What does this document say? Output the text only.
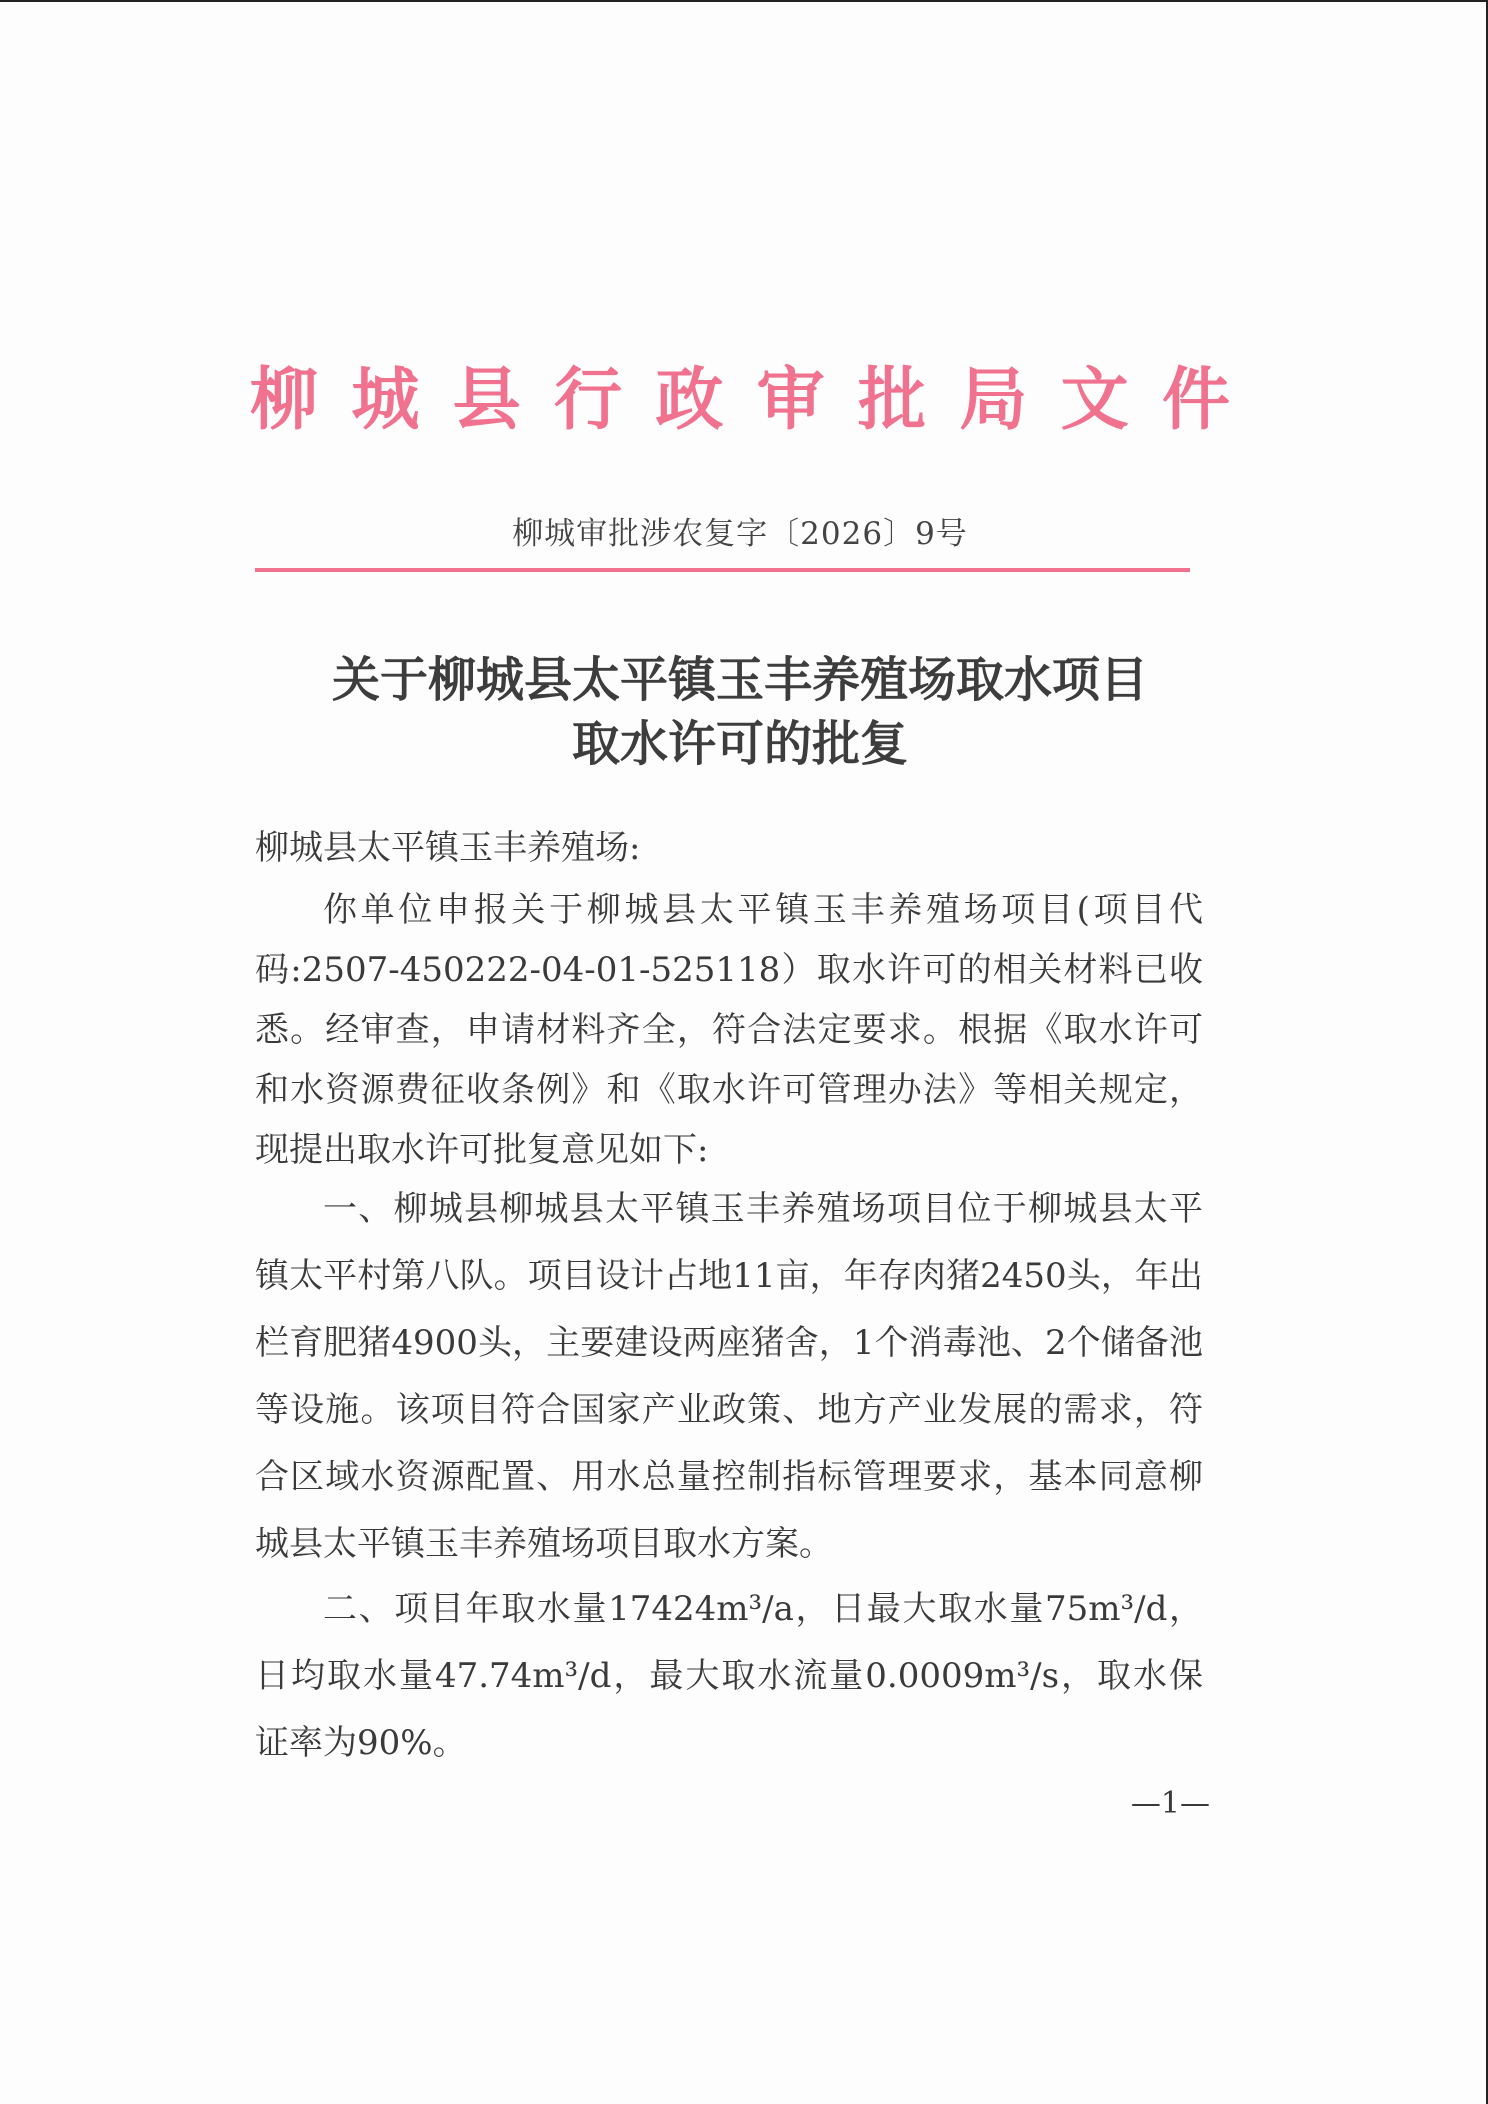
柳 城 县 行 政 审 批 局 文 件
柳城审批涉农复字〔2026〕9号
关于柳城县太平镇玉丰养殖场取水项目
取水许可的批复

柳城县太平镇玉丰养殖场:

你单位申报关于柳城县太平镇玉丰养殖场项目(项目代码:2507-450222-04-01-525118）取水许可的相关材料已收悉。经审查，申请材料齐全，符合法定要求。根据《取水许可和水资源费征收条例》和《取水许可管理办法》等相关规定，现提出取水许可批复意见如下:

一、柳城县柳城县太平镇玉丰养殖场项目位于柳城县太平镇太平村第八队。项目设计占地11亩，年存肉猪2450头，年出栏育肥猪4900头，主要建设两座猪舍，1个消毒池、2个储备池等设施。该项目符合国家产业政策、地方产业发展的需求，符合区域水资源配置、用水总量控制指标管理要求，基本同意柳城县太平镇玉丰养殖场项目取水方案。

二、项目年取水量17424m³/a，日最大取水量75m³/d，日均取水量47.74m³/d，最大取水流量0.0009m³/s，取水保证率为90%。

—1—
